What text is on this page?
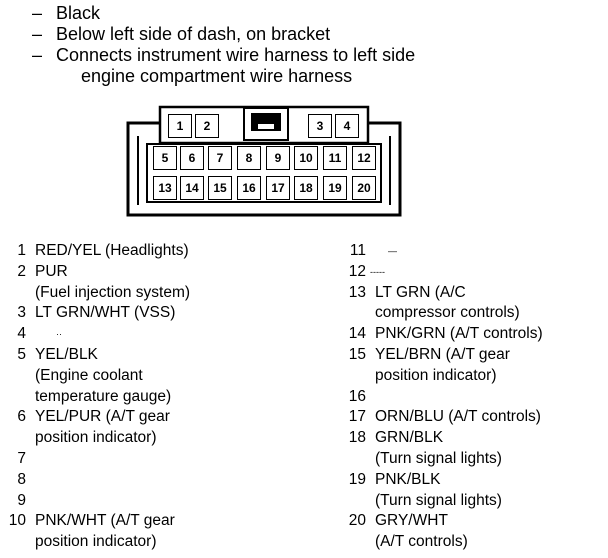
– Black
– Below left side of dash, on bracket
– Connects instrument wire harness to left side
engine compartment wire harness
1	2	3	4
5	6	7	8	9	10	11	12
13	14	15	16	17	18	19	20
1 RED/YEL (Headlights)
2 PUR
(Fuel injection system)
3 LT GRN/WHT (VSS)
4	··
5 YEL/BLK
(Engine coolant
temperature gauge)
6 YEL/PUR (A/T gear
position indicator)
7

8

9

10 PNK/WHT (A/T gear
position indicator)
11 —
12 -----
13 LT GRN (A/C
compressor controls)
14 PNK/GRN (A/T controls)
15 YEL/BRN (A/T gear
position indicator)
16

17 ORN/BLU (A/T controls)
18 GRN/BLK
(Turn signal lights)
19 PNK/BLK
(Turn signal lights)
20 GRY/WHT
(A/T controls)
